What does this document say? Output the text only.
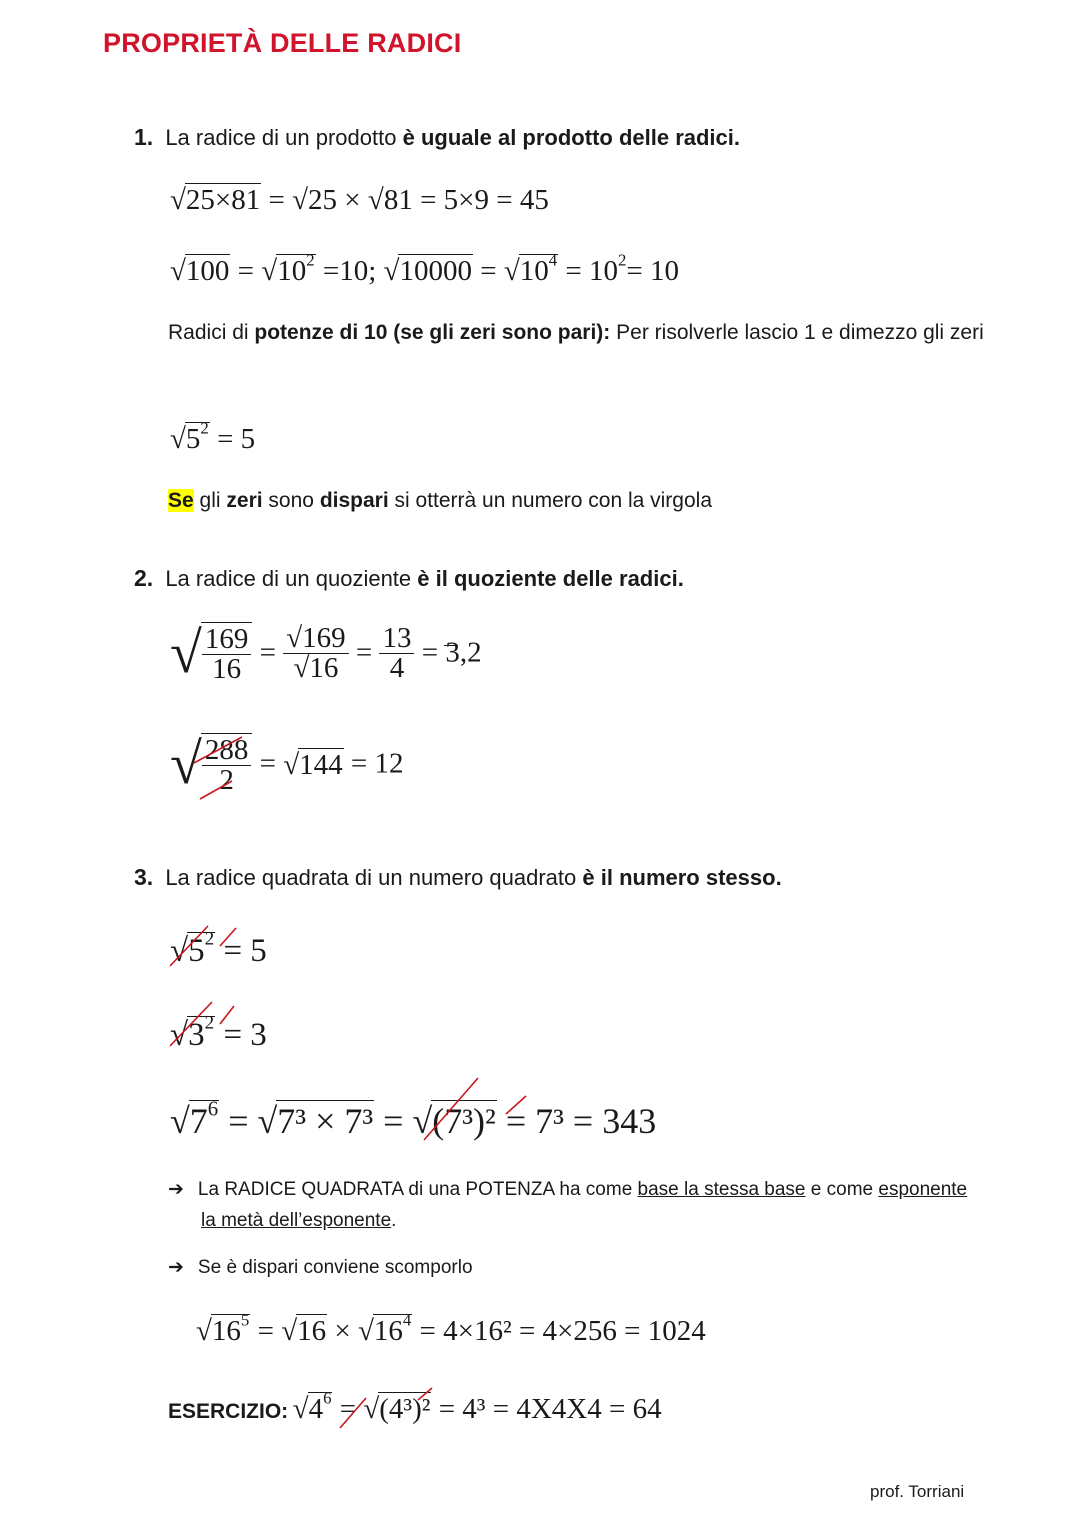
PROPRIETÀ DELLE RADICI
1. La radice di un prodotto è uguale al prodotto delle radici.
√25×81 = √25 × √81 = 5×9 = 45
$√100 = √10^2 =10$; $√10000 = √10^4 = 10^2= 10$
Radici di potenze di 10 (se gli zeri sono pari): Per risolverle lascio 1 e dimezzo gli zeri
$√5^2 = 5$
Se gli zeri sono dispari si otterrà un numero con la virgola
2. La radice di un quoziente è il quoziente delle radici.
√ $\frac{169}{16} = \frac{√169}{√16} = \frac{13}{4} = 3,2$
√ $\frac{288}{2} = √144 = 12$
3. La radice quadrata di un numero quadrato è il numero stesso.
$√5^2 = 5$
$√3^2 = 3$
$√7^6 = √7^3 \times 7^3 = √(7^3)^2 = 7^3 = 343$
➔ La RADICE QUADRATA di una POTENZA ha come base la stessa base e come esponente
la metà dell’esponente.
➔ Se è dispari conviene scomporlo
$√16^5 = √16 \times √16^4 = 4\times 16^2 = 4\times 256 = 1024$
ESERCIZIO: $√4^6 = √(4^3)^2 = 4^3 = 4X4X4 = 64$
prof. Torriani
